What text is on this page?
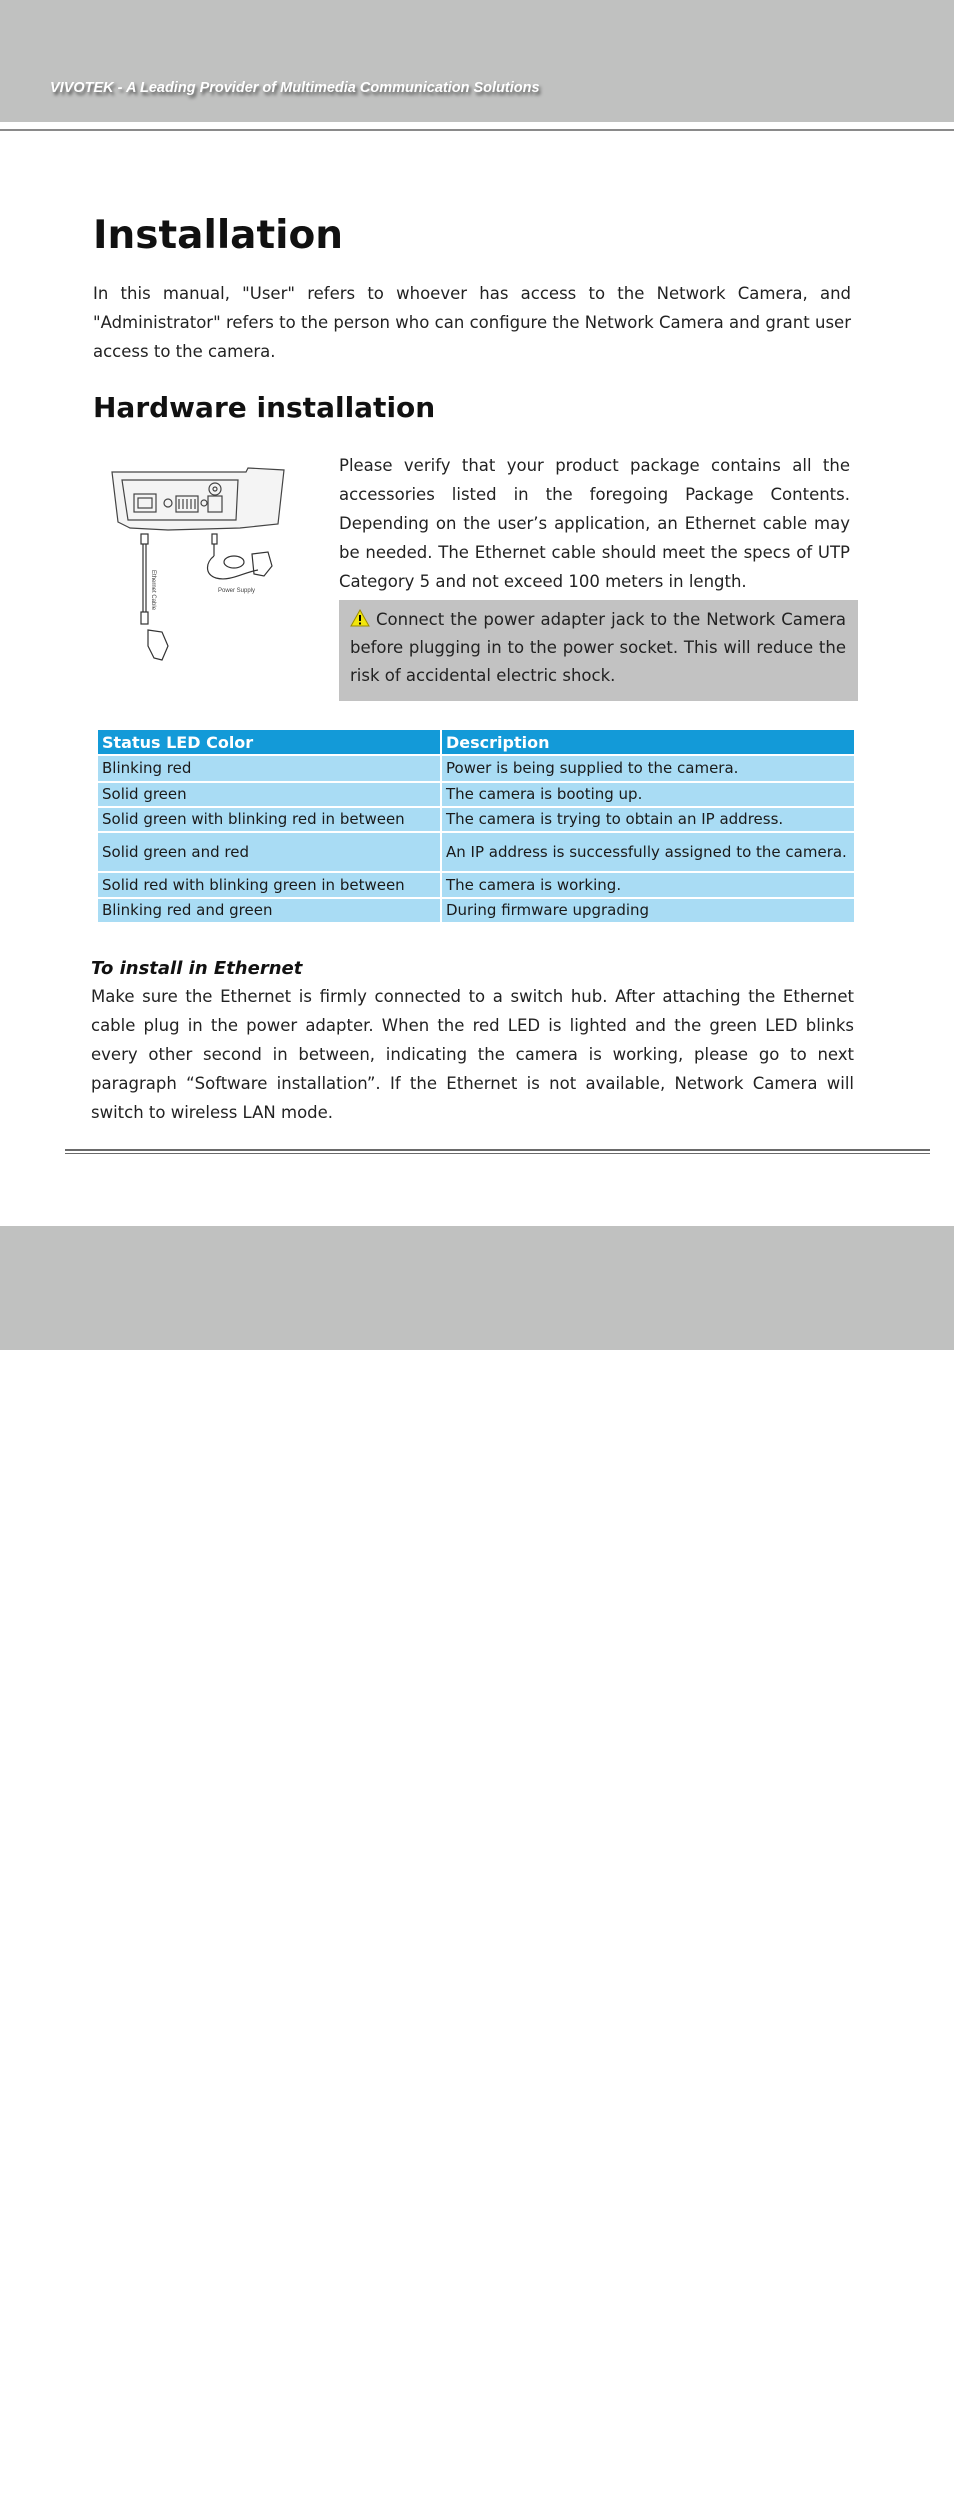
VIVOTEK - A Leading Provider of Multimedia Communication Solutions
Installation

In this manual, "User" refers to whoever has access to the Network Camera, and "Administrator" refers to the person who can configure the Network Camera and grant user access to the camera.

Hardware installation
Ethernet Cable	Power Supply

Please verify that your product package contains all the accessories listed in the foregoing Package Contents. Depending on the user’s application, an Ethernet cable may be needed. The Ethernet cable should meet the specs of UTP Category 5 and not exceed 100 meters in length.

Connect the power adapter jack to the Network Camera before plugging in to the power socket. This will reduce the risk of accidental electric shock.

Status LED Color	Description
Blinking red	Power is being supplied to the camera.
Solid green	The camera is booting up.
Solid green with blinking red in between	The camera is trying to obtain an IP address.
Solid green and red	An IP address is successfully assigned to the camera.
Solid red with blinking green in between	The camera is working.
Blinking red and green	During firmware upgrading
To install in Ethernet

Make sure the Ethernet is firmly connected to a switch hub. After attaching the Ethernet cable plug in the power adapter. When the red LED is lighted and the green LED blinks every other second in between, indicating the camera is working, please go to next paragraph “Software installation”. If the Ethernet is not available, Network Camera will switch to wireless LAN mode.

7 - User's Manual
